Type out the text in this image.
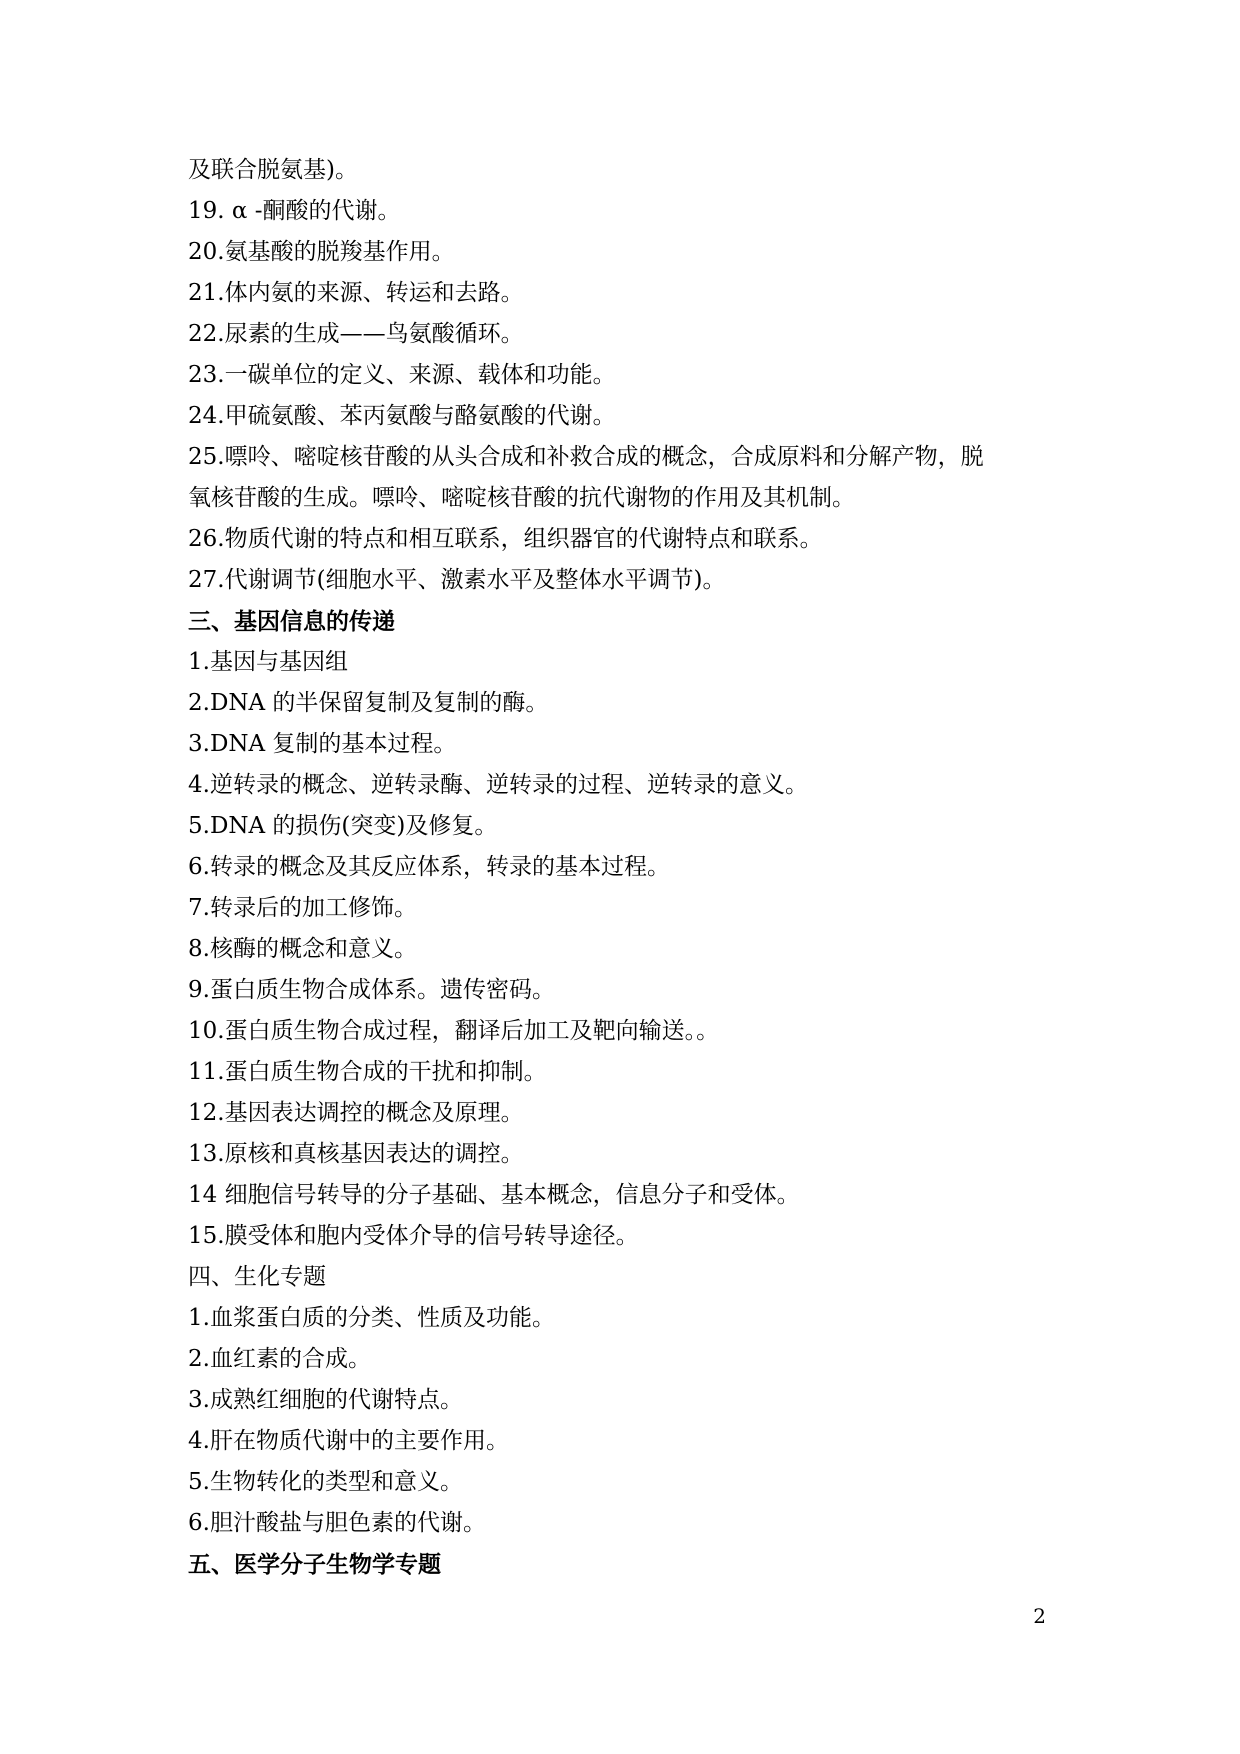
及联合脱氨基)。
19. α -酮酸的代谢。
20.氨基酸的脱羧基作用。
21.体内氨的来源、转运和去路。
22.尿素的生成——鸟氨酸循环。
23.一碳单位的定义、来源、载体和功能。
24.甲硫氨酸、苯丙氨酸与酪氨酸的代谢。
25.嘌呤、嘧啶核苷酸的从头合成和补救合成的概念，合成原料和分解产物，脱
氧核苷酸的生成。嘌呤、嘧啶核苷酸的抗代谢物的作用及其机制。
26.物质代谢的特点和相互联系，组织器官的代谢特点和联系。
27.代谢调节(细胞水平、激素水平及整体水平调节)。
三、基因信息的传递
1.基因与基因组
2.DNA 的半保留复制及复制的酶。
3.DNA 复制的基本过程。
4.逆转录的概念、逆转录酶、逆转录的过程、逆转录的意义。
5.DNA 的损伤(突变)及修复。
6.转录的概念及其反应体系，转录的基本过程。
7.转录后的加工修饰。
8.核酶的概念和意义。
9.蛋白质生物合成体系。遗传密码。
10.蛋白质生物合成过程，翻译后加工及靶向输送。。
11.蛋白质生物合成的干扰和抑制。
12.基因表达调控的概念及原理。
13.原核和真核基因表达的调控。
14 细胞信号转导的分子基础、基本概念，信息分子和受体。
15.膜受体和胞内受体介导的信号转导途径。
四、生化专题
1.血浆蛋白质的分类、性质及功能。
2.血红素的合成。
3.成熟红细胞的代谢特点。
4.肝在物质代谢中的主要作用。
5.生物转化的类型和意义。
6.胆汁酸盐与胆色素的代谢。
五、医学分子生物学专题
2
